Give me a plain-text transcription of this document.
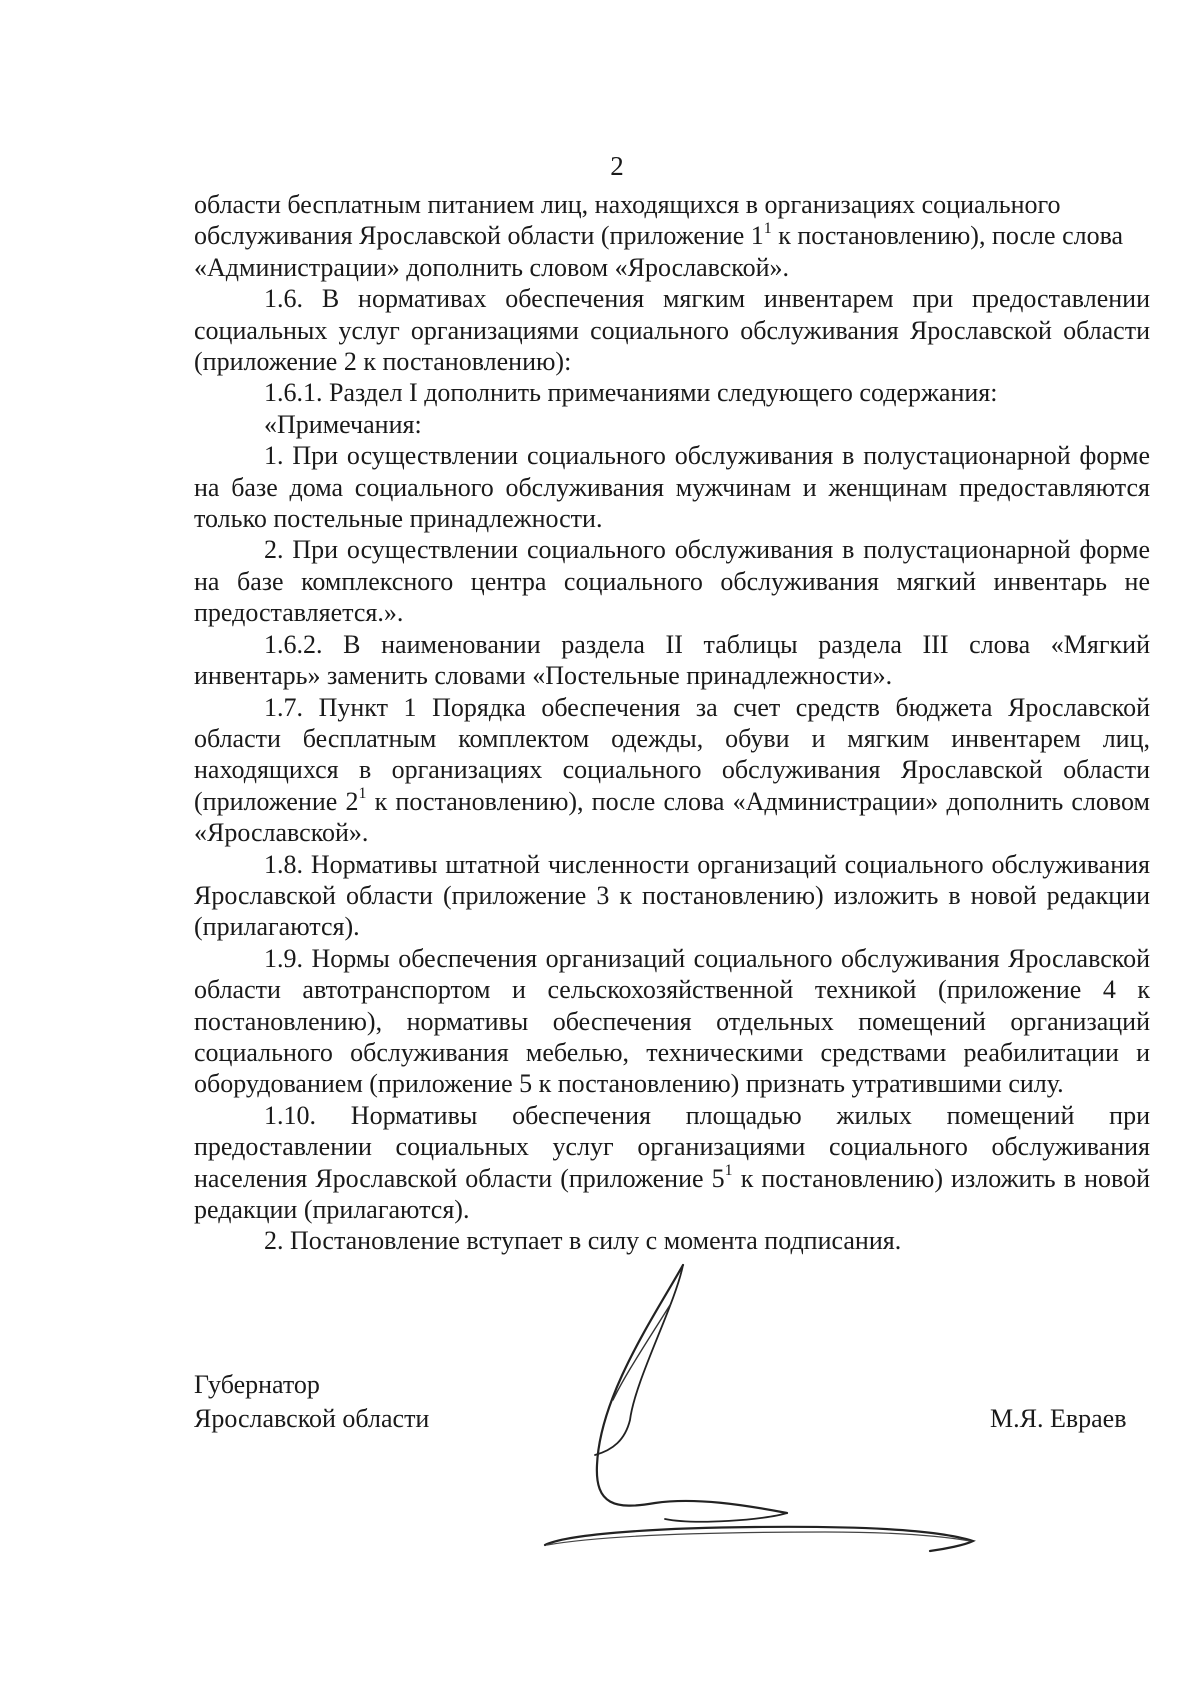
2

области бесплатным питанием лиц, находящихся в организациях социального обслуживания Ярославской области (приложение $1^1$ к постановлению), после слова «Администрации» дополнить словом «Ярославской».

1.6. В нормативах обеспечения мягким инвентарем при предоставлении социальных услуг организациями социального обслуживания Ярославской области (приложение 2 к постановлению):

1.6.1. Раздел I дополнить примечаниями следующего содержания:

«Примечания:

1. При осуществлении социального обслуживания в полустационарной форме на базе дома социального обслуживания мужчинам и женщинам предоставляются только постельные принадлежности.

2. При осуществлении социального обслуживания в полустационарной форме на базе комплексного центра социального обслуживания мягкий инвентарь не предоставляется.».

1.6.2. В наименовании раздела II таблицы раздела III слова «Мягкий инвентарь» заменить словами «Постельные принадлежности».

1.7. Пункт 1 Порядка обеспечения за счет средств бюджета Ярославской области бесплатным комплектом одежды, обуви и мягким инвентарем лиц, находящихся в организациях социального обслуживания Ярославской области (приложение $2^1$ к постановлению), после слова «Администрации» дополнить словом «Ярославской».

1.8. Нормативы штатной численности организаций социального обслуживания Ярославской области (приложение 3 к постановлению) изложить в новой редакции (прилагаются).

1.9. Нормы обеспечения организаций социального обслуживания Ярославской области автотранспортом и сельскохозяйственной техникой (приложение 4 к постановлению), нормативы обеспечения отдельных помещений организаций социального обслуживания мебелью, техническими средствами реабилитации и оборудованием (приложение 5 к постановлению) признать утратившими силу.

1.10. Нормативы обеспечения площадью жилых помещений при предоставлении социальных услуг организациями социального обслуживания населения Ярославской области (приложение $5^1$ к постановлению) изложить в новой редакции (прилагаются).

2. Постановление вступает в силу с момента подписания.

Губернатор
Ярославской области	М.Я. Евраев
